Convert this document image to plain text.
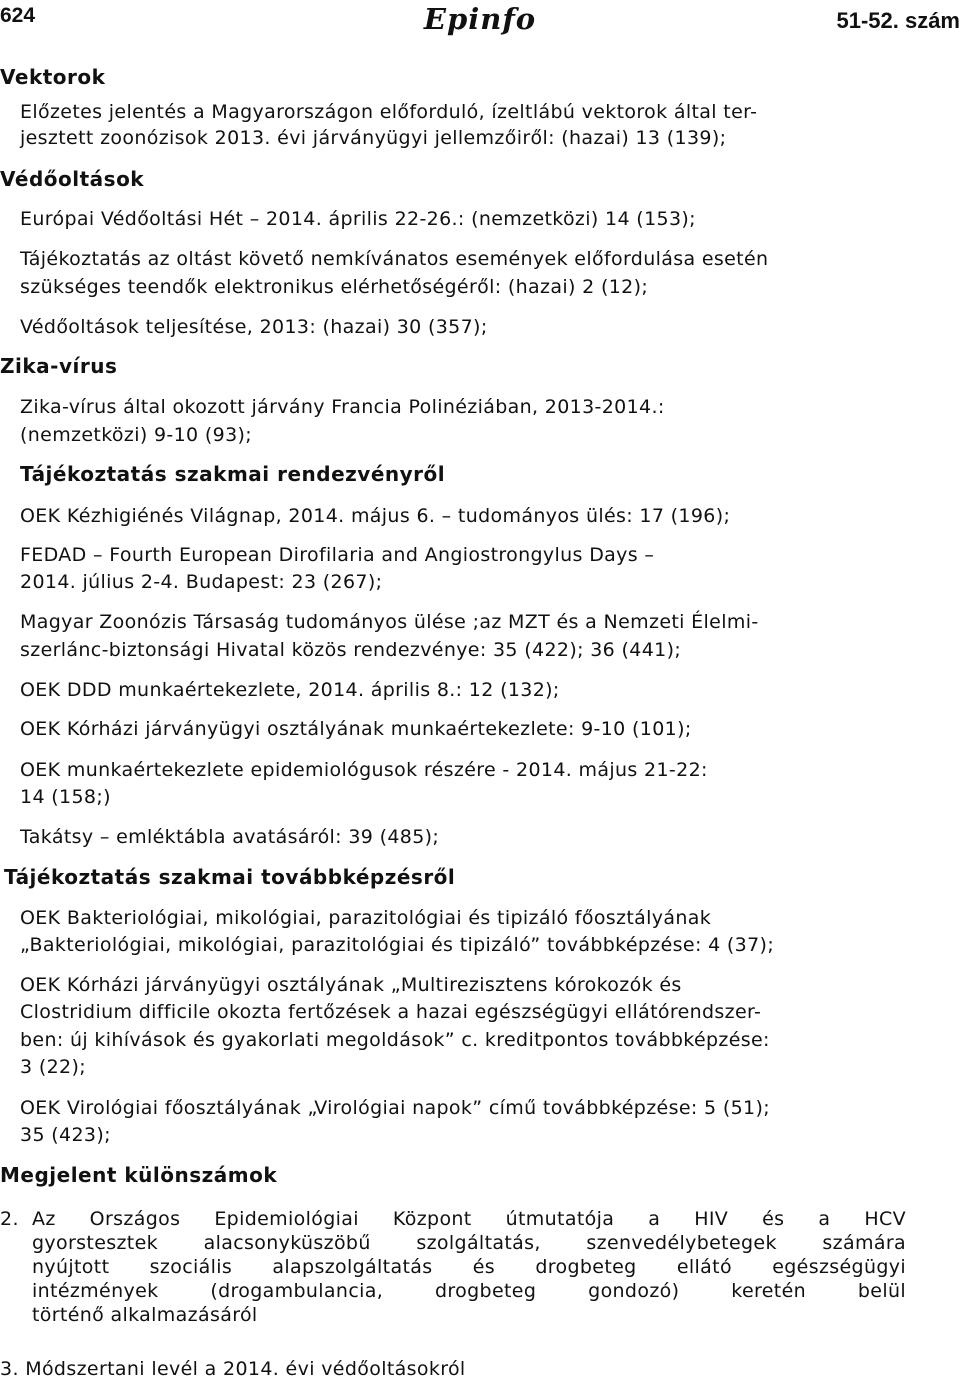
624	Epinfo	51-52. szám
Vektorok
Előzetes jelentés a Magyarországon előforduló, ízeltlábú vektorok által ter-
jesztett zoonózisok 2013. évi járványügyi jellemzőiről: (hazai) 13 (139);
Védőoltások
Európai Védőoltási Hét – 2014. április 22-26.: (nemzetközi) 14 (153);
Tájékoztatás az oltást követő nemkívánatos események előfordulása esetén
szükséges teendők elektronikus elérhetőségéről: (hazai) 2 (12);
Védőoltások teljesítése, 2013: (hazai) 30 (357);
Zika-vírus
Zika-vírus által okozott járvány Francia Polinéziában, 2013-2014.:
(nemzetközi) 9-10 (93);
Tájékoztatás szakmai rendezvényről
OEK Kézhigiénés Világnap, 2014. május 6. – tudományos ülés: 17 (196);
FEDAD – Fourth European Dirofilaria and Angiostrongylus Days –
2014. július 2-4. Budapest: 23 (267);
Magyar Zoonózis Társaság tudományos ülése ;az MZT és a Nemzeti Élelmi-
szerlánc-biztonsági Hivatal közös rendezvénye: 35 (422); 36 (441);
OEK DDD munkaértekezlete, 2014. április 8.: 12 (132);
OEK Kórházi járványügyi osztályának munkaértekezlete: 9-10 (101);
OEK munkaértekezlete epidemiológusok részére - 2014. május 21-22:
14 (158;)
Takátsy – emléktábla avatásáról: 39 (485);
Tájékoztatás szakmai továbbképzésről
OEK Bakteriológiai, mikológiai, parazitológiai és tipizáló főosztályának
„Bakteriológiai, mikológiai, parazitológiai és tipizáló” továbbképzése: 4 (37);
OEK Kórházi járványügyi osztályának „Multirezisztens kórokozók és
Clostridium difficile okozta fertőzések a hazai egészségügyi ellátórendszer-
ben: új kihívások és gyakorlati megoldások” c. kreditpontos továbbképzése:
3 (22);
OEK Virológiai főosztályának „Virológiai napok” című továbbképzése: 5 (51);
35 (423);
Megjelent különszámok
2. Az Országos Epidemiológiai Központ útmutatója a HIV és a HCV
gyorstesztek alacsonyküszöbű szolgáltatás, szenvedélybetegek számára
nyújtott szociális alapszolgáltatás és drogbeteg ellátó egészségügyi
intézmények (drogambulancia, drogbeteg gondozó) keretén belül
történő alkalmazásáról
3. Módszertani levél a 2014. évi védőoltásokról
